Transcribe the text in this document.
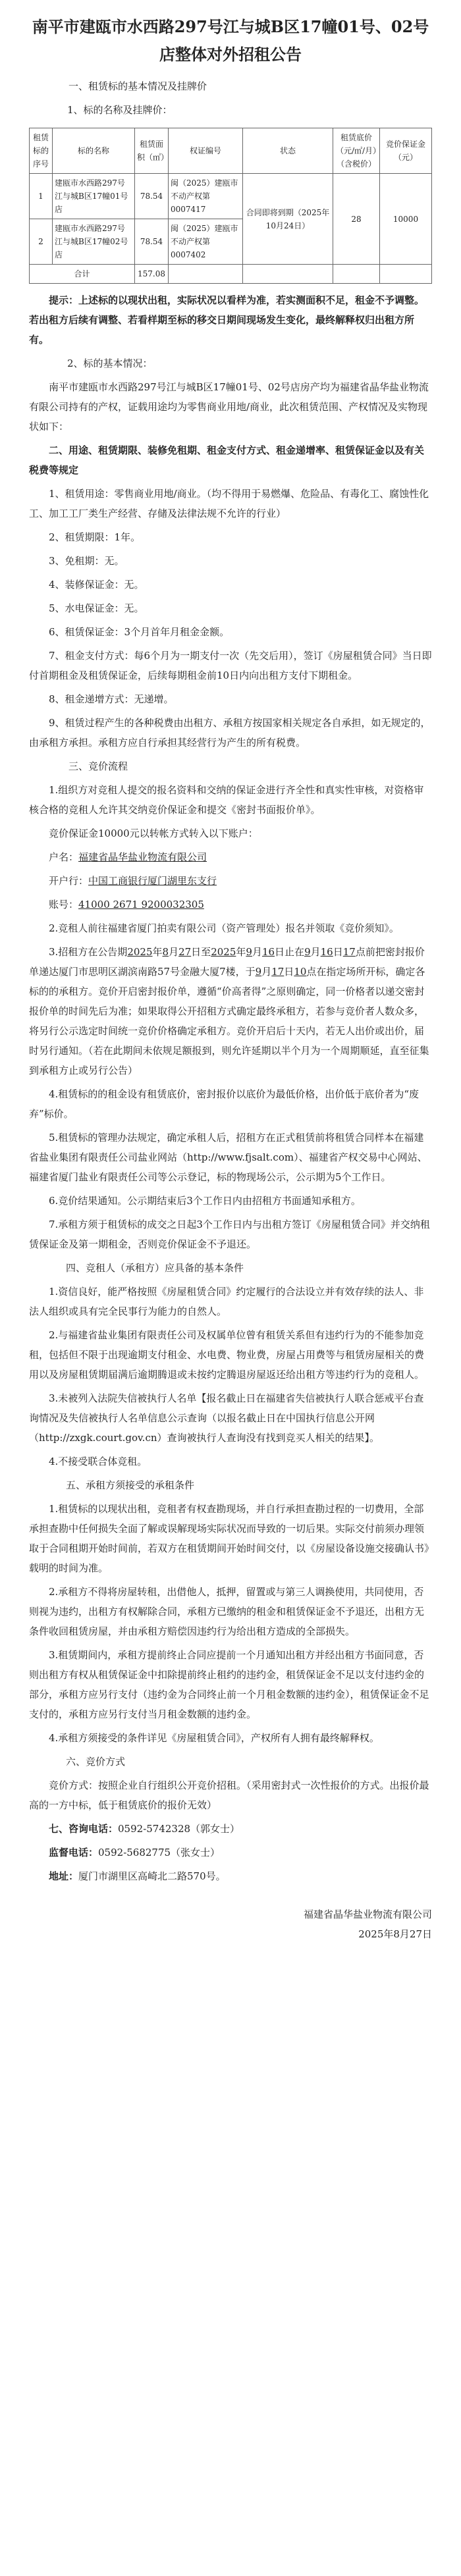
南平市建瓯市水西路297号江与城B区17幢01号、02号店整体对外招租公告
一、租赁标的基本情况及挂牌价
1、标的名称及挂牌价：
租赁标的序号	标的名称	租赁面积（㎡）	权证编号	状态	租赁底价（元/㎡/月）（含税价）	竞价保证金（元）
1	建瓯市水西路297号江与城B区17幢01号店	78.54	闽（2025）建瓯市不动产权第0007417	合同即将到期（2025年10月24日）	28	10000
2	建瓯市水西路297号江与城B区17幢02号店	78.54	闽（2025）建瓯市不动产权第0007402			
合计		157.08				

提示：上述标的以现状出租，实际状况以看样为准，若实测面积不足，租金不予调整。若出租方后续有调整、若看样期至标的移交日期间现场发生变化，最终解释权归出租方所有。

2、标的基本情况：

南平市建瓯市水西路297号江与城B区17幢01号、02号店房产均为福建省晶华盐业物流有限公司持有的产权，证载用途均为零售商业用地/商业，此次租赁范围、产权情况及实物现状如下：

二、用途、租赁期限、装修免租期、租金支付方式、租金递增率、租赁保证金以及有关税费等规定

1、租赁用途：零售商业用地/商业。（均不得用于易燃爆、危险品、有毒化工、腐蚀性化工、加工工厂类生产经营、存储及法律法规不允许的行业）

2、租赁期限：1年。

3、免租期：无。

4、装修保证金：无。

5、水电保证金：无。

6、租赁保证金：3个月首年月租金金额。

7、租金支付方式：每6个月为一期支付一次（先交后用），签订《房屋租赁合同》当日即付首期租金及租赁保证金，后续每期租金前10日内向出租方支付下期租金。

8、租金递增方式：无递增。

9、租赁过程产生的各种税费由出租方、承租方按国家相关规定各自承担，如无规定的，由承租方承担。承租方应自行承担其经营行为产生的所有税费。

三、竞价流程

1.组织方对竞租人提交的报名资料和交纳的保证金进行齐全性和真实性审核，对资格审核合格的竞租人允许其交纳竞价保证金和提交《密封书面报价单》。

竞价保证金10000元以转帐方式转入以下账户：

户名：福建省晶华盐业物流有限公司

开户行：中国工商银行厦门湖里东支行

账号：41000 2671 9200032305

2.竞租人前往福建省厦门拍卖有限公司（资产管理处）报名并领取《竞价须知》。

3.招租方在公告期2025年8月27日至2025年9月16日止在9月16日17点前把密封报价单递达厦门市思明区湖滨南路57号金融大厦7楼，于9月17日10点在指定场所开标，确定各标的的承租方。竞价开启密封报价单，遵循“价高者得”之原则确定，同一价格者以递交密封报价单的时间先后为准；如果取得公开招租方式确定最终承租方，若参与竞价者人数众多，将另行公示选定时间统一竞价价格确定承租方。竞价开启后十天内，若无人出价或出价，届时另行通知。（若在此期间未依规足额报到，则允许延期以半个月为一个周期顺延，直至征集到承租方止或另行公告）

4.租赁标的的租金设有租赁底价，密封报价以底价为最低价格，出价低于底价者为“废弃”标价。

5.租赁标的管理办法规定，确定承租人后，招租方在正式租赁前将租赁合同样本在福建省盐业集团有限责任公司盐业网站（http://www.fjsalt.com）、福建省产权交易中心网站、福建省厦门盐业有限责任公司等公示登记，标的物现场公示，公示期为5个工作日。

6.竞价结果通知。公示期结束后3个工作日内由招租方书面通知承租方。

7.承租方须于租赁标的成交之日起3个工作日内与出租方签订《房屋租赁合同》并交纳租赁保证金及第一期租金，否则竞价保证金不予退还。

四、竞租人（承租方）应具备的基本条件

1.资信良好，能严格按照《房屋租赁合同》约定履行的合法设立并有效存续的法人、非法人组织或具有完全民事行为能力的自然人。

2.与福建省盐业集团有限责任公司及权属单位曾有租赁关系但有违约行为的不能参加竞租，包括但不限于出现逾期支付租金、水电费、物业费，房屋占用费等与租赁房屋相关的费用以及房屋租赁期届满后逾期腾退或未按约定腾退房屋返还给出租方等违约行为的竞租人。

3.未被列入法院失信被执行人名单【报名截止日在福建省失信被执行人联合惩戒平台查询情况及失信被执行人名单信息公示查询（以报名截止日在中国执行信息公开网（http://zxgk.court.gov.cn）查询被执行人查询没有找到竞买人相关的结果】。

4.不接受联合体竞租。

五、承租方须接受的承租条件

1.租赁标的以现状出租，竞租者有权查勘现场，并自行承担查勘过程的一切费用，全部承担查勘中任何损失全面了解或误解现场实际状况而导致的一切后果。实际交付前须办理领取于合同租期开始时间前，若双方在租赁期间开始时间交付，以《房屋设备设施交接确认书》载明的时间为准。

2.承租方不得将房屋转租，出借他人，抵押，留置或与第三人调换使用，共同使用，否则视为违约，出租方有权解除合同，承租方已缴纳的租金和租赁保证金不予退还，出租方无条件收回租赁房屋，并由承租方赔偿因违约行为给出租方造成的全部损失。

3.租赁期间内，承租方提前终止合同应提前一个月通知出租方并经出租方书面同意，否则出租方有权从租赁保证金中扣除提前终止租约的违约金，租赁保证金不足以支付违约金的部分，承租方应另行支付（违约金为合同终止前一个月租金数额的违约金），租赁保证金不足支付的，承租方应另行支付当月租金数额的违约金。

4.承租方须接受的条件详见《房屋租赁合同》，产权所有人拥有最终解释权。

六、竞价方式

竞价方式：按照企业自行组织公开竞价招租。（采用密封式一次性报价的方式。出报价最高的一方中标，低于租赁底价的报价无效）

七、咨询电话：0592-5742328（郭女士）

监督电话：0592-5682775（张女士）

地址：厦门市湖里区高崎北二路570号。

福建省晶华盐业物流有限公司
2025年8月27日
